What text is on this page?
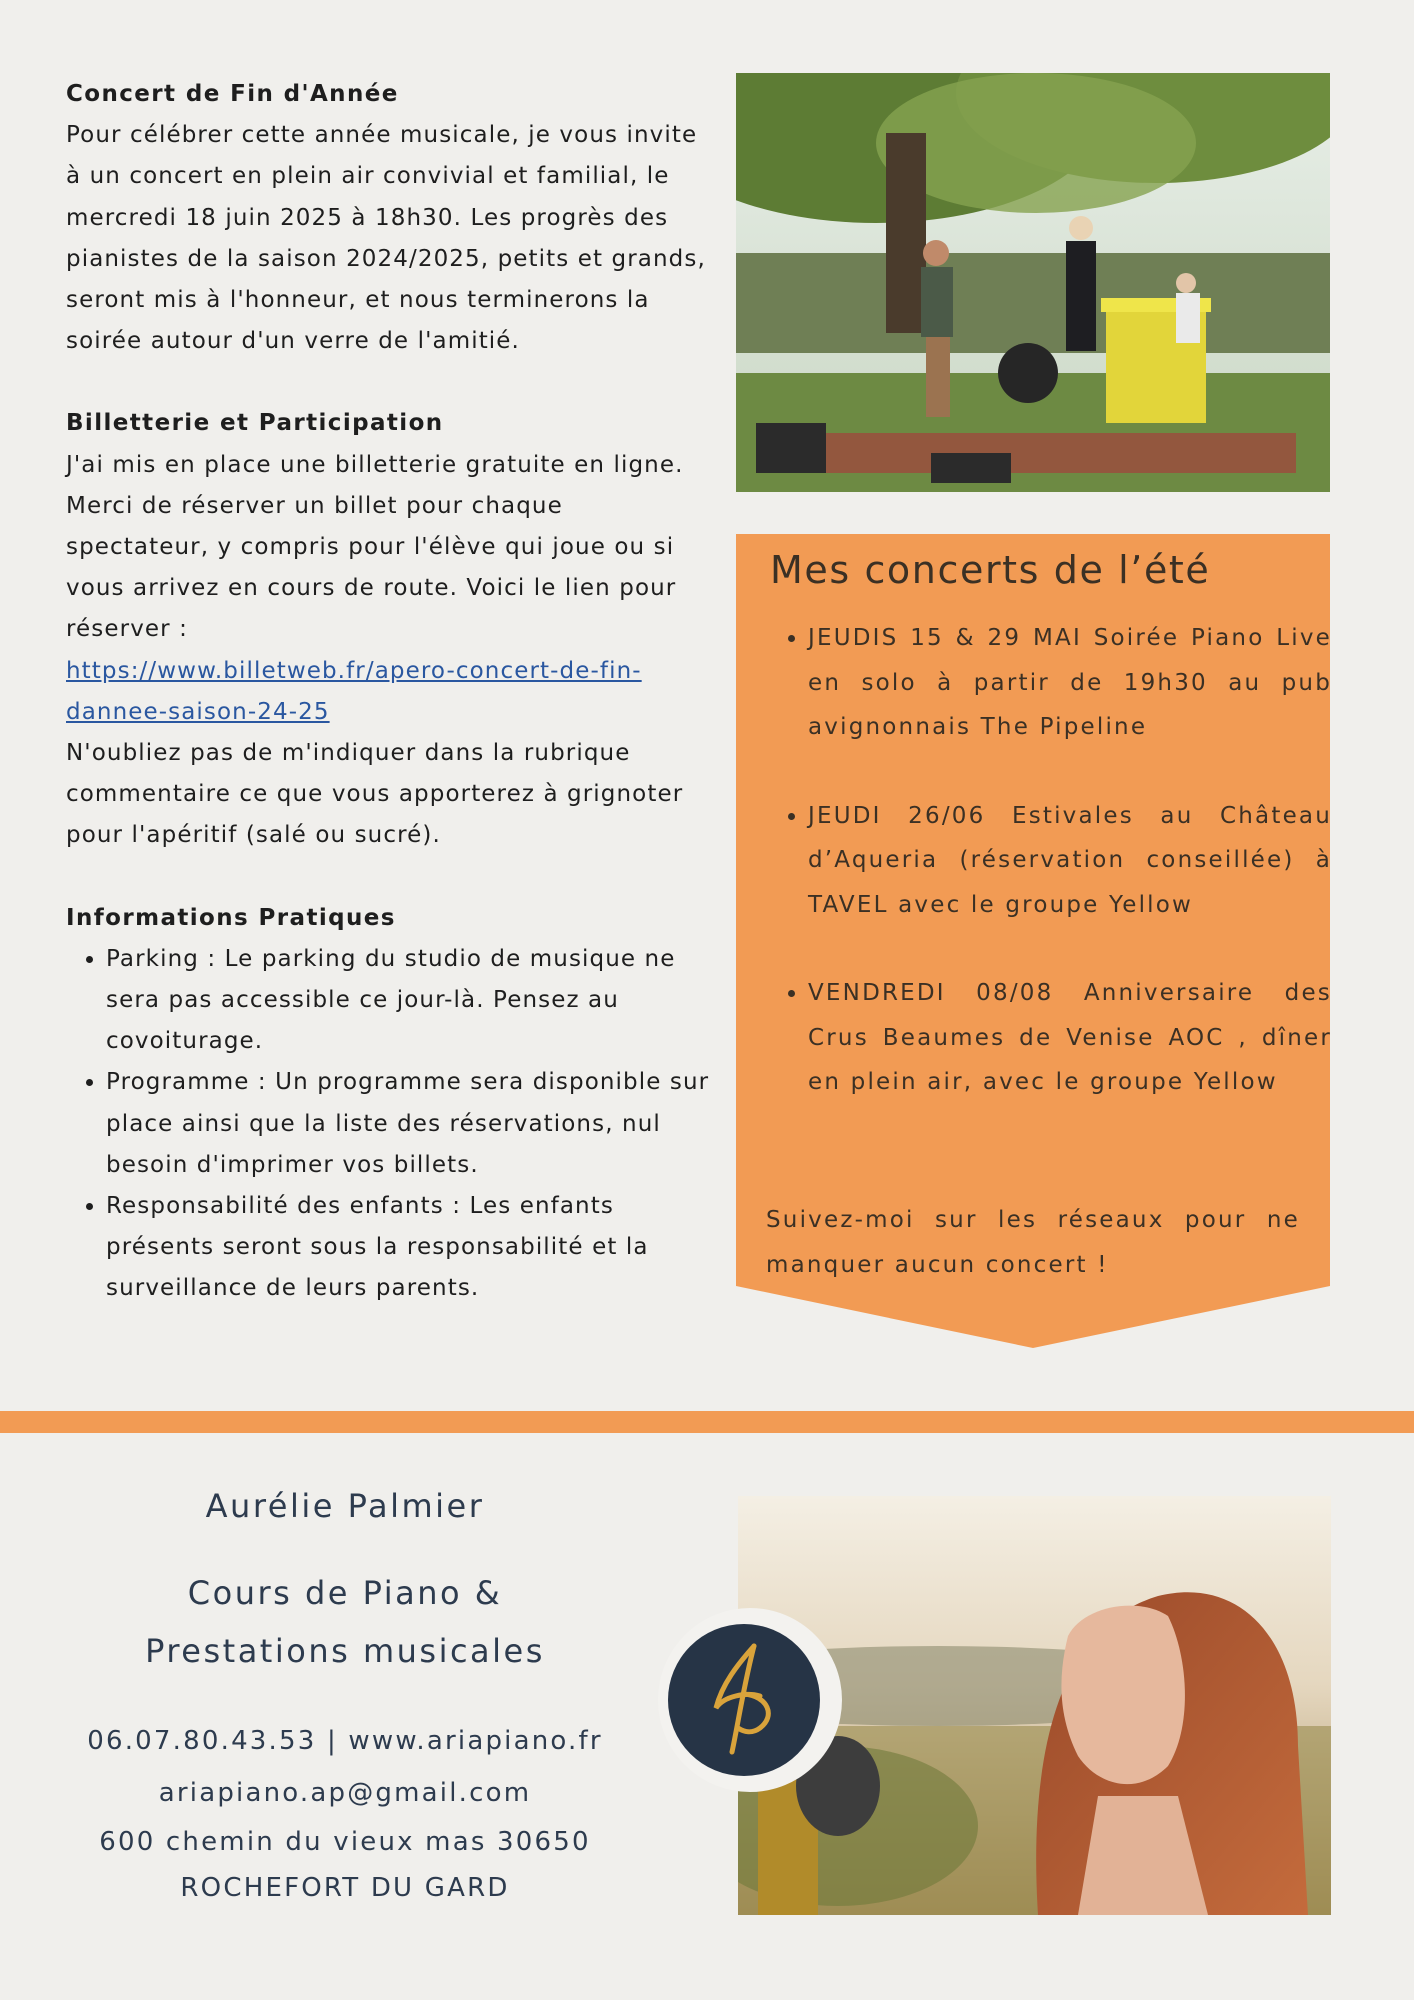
Concert de Fin d'Année

Pour célébrer cette année musicale, je vous invite à un concert en plein air convivial et familial, le mercredi 18 juin 2025 à 18h30. Les progrès des pianistes de la saison 2024/2025, petits et grands, seront mis à l'honneur, et nous terminerons la soirée autour d'un verre de l'amitié.

Billetterie et Participation

J'ai mis en place une billetterie gratuite en ligne. Merci de réserver un billet pour chaque spectateur, y compris pour l'élève qui joue ou si vous arrivez en cours de route. Voici le lien pour réserver :

https://www.billetweb.fr/apero-concert-de-fin-dannee-saison-24-25

N'oubliez pas de m'indiquer dans la rubrique commentaire ce que vous apporterez à grignoter pour l'apéritif (salé ou sucré).

Informations Pratiques
• Parking : Le parking du studio de musique ne sera pas accessible ce jour-là. Pensez au covoiturage.
• Programme : Un programme sera disponible sur place ainsi que la liste des réservations, nul besoin d'imprimer vos billets.
• Responsabilité des enfants : Les enfants présents seront sous la responsabilité et la surveillance de leurs parents.
Mes concerts de l’été
• JEUDIS 15 & 29 MAI Soirée Piano Live en solo à partir de 19h30 au pub avignonnais The Pipeline
• JEUDI 26/06 Estivales au Château d’Aqueria (réservation conseillée) à TAVEL avec le groupe Yellow
• VENDREDI 08/08 Anniversaire des Crus Beaumes de Venise AOC , dîner en plein air, avec le groupe Yellow
Suivez-moi sur les réseaux pour ne manquer aucun concert !
Aurélie Palmier
Cours de Piano &
Prestations musicales
06.07.80.43.53 | www.ariapiano.fr
ariapiano.ap@gmail.com
600 chemin du vieux mas 30650
ROCHEFORT DU GARD
